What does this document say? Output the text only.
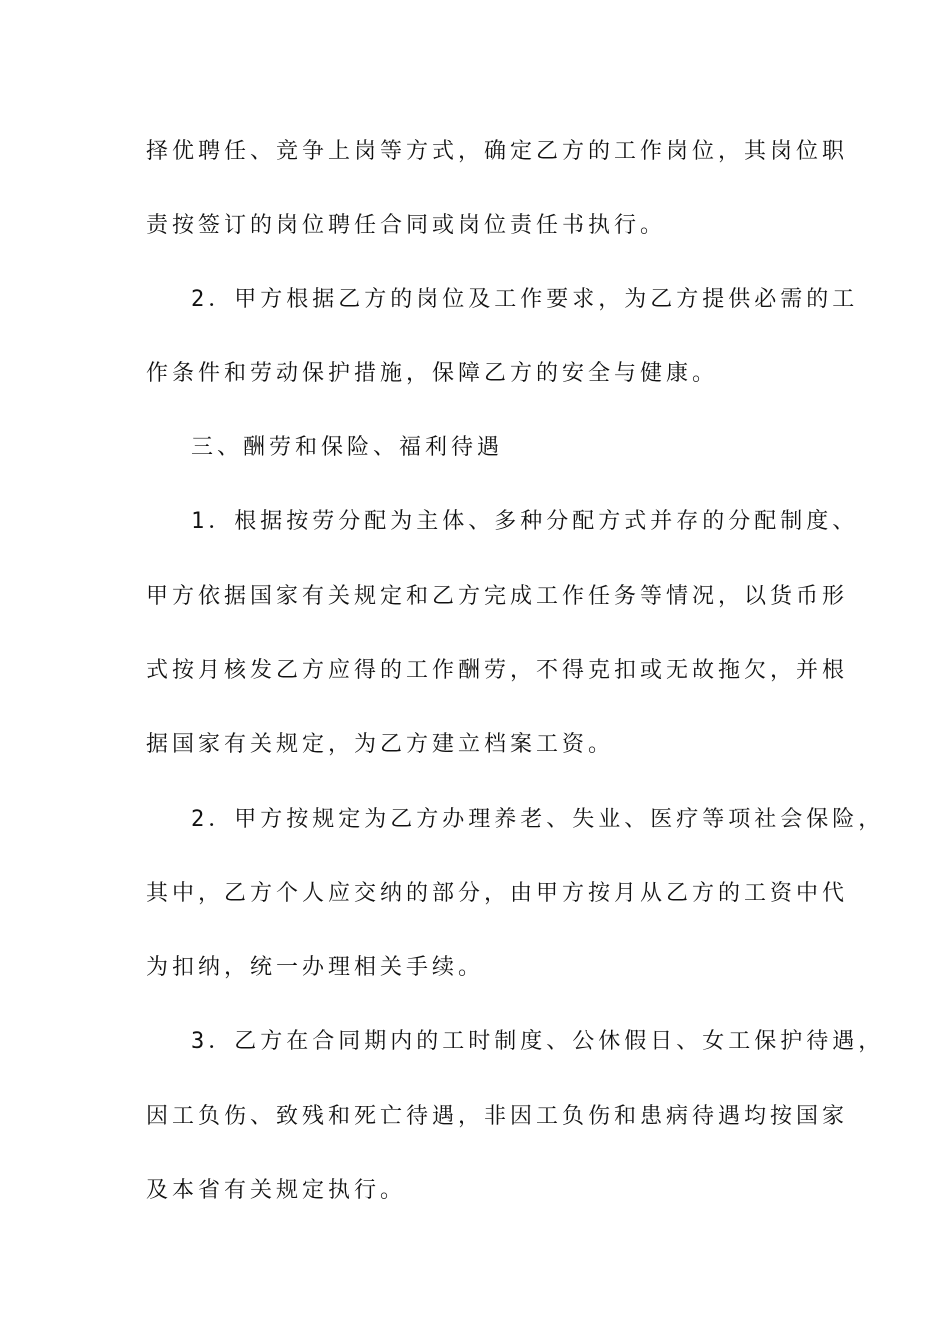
择优聘任、竞争上岗等方式，确定乙方的工作岗位，其岗位职
责按签订的岗位聘任合同或岗位责任书执行。
2．甲方根据乙方的岗位及工作要求，为乙方提供必需的工
作条件和劳动保护措施，保障乙方的安全与健康。
三、酬劳和保险、福利待遇
1．根据按劳分配为主体、多种分配方式并存的分配制度、
甲方依据国家有关规定和乙方完成工作任务等情况，以货币形
式按月核发乙方应得的工作酬劳，不得克扣或无故拖欠，并根
据国家有关规定，为乙方建立档案工资。
2．甲方按规定为乙方办理养老、失业、医疗等项社会保险，
其中，乙方个人应交纳的部分，由甲方按月从乙方的工资中代
为扣纳，统一办理相关手续。
3．乙方在合同期内的工时制度、公休假日、女工保护待遇，
因工负伤、致残和死亡待遇，非因工负伤和患病待遇均按国家
及本省有关规定执行。
